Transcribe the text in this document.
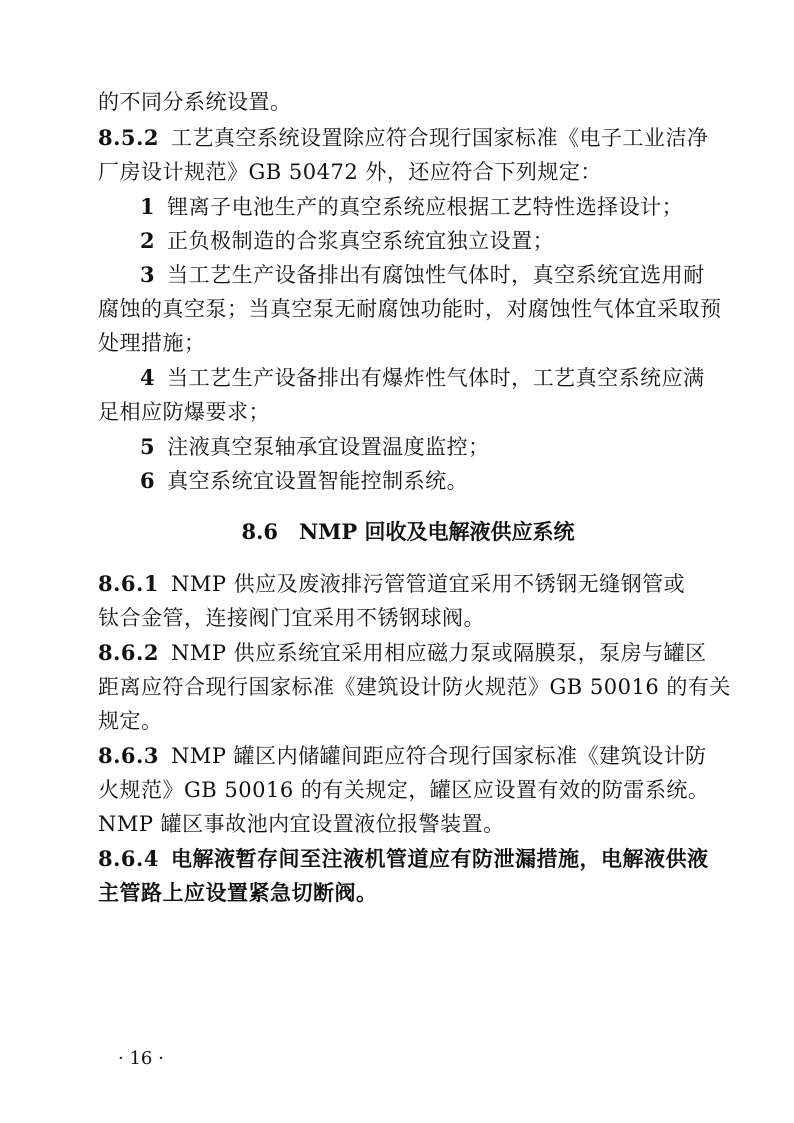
的不同分系统设置。
8.5.2 工艺真空系统设置除应符合现行国家标准《电子工业洁净
厂房设计规范》GB 50472 外，还应符合下列规定：
1 锂离子电池生产的真空系统应根据工艺特性选择设计；
2 正负极制造的合浆真空系统宜独立设置；
3 当工艺生产设备排出有腐蚀性气体时，真空系统宜选用耐
腐蚀的真空泵；当真空泵无耐腐蚀功能时，对腐蚀性气体宜采取预
处理措施；
4 当工艺生产设备排出有爆炸性气体时，工艺真空系统应满
足相应防爆要求；
5 注液真空泵轴承宜设置温度监控；
6 真空系统宜设置智能控制系统。
8.6　NMP 回收及电解液供应系统
8.6.1 NMP 供应及废液排污管管道宜采用不锈钢无缝钢管或
钛合金管，连接阀门宜采用不锈钢球阀。
8.6.2 NMP 供应系统宜采用相应磁力泵或隔膜泵，泵房与罐区
距离应符合现行国家标准《建筑设计防火规范》GB 50016 的有关
规定。
8.6.3 NMP 罐区内储罐间距应符合现行国家标准《建筑设计防
火规范》GB 50016 的有关规定，罐区应设置有效的防雷系统。
NMP 罐区事故池内宜设置液位报警装置。
8.6.4 电解液暂存间至注液机管道应有防泄漏措施，电解液供液
主管路上应设置紧急切断阀。
· 16 ·
